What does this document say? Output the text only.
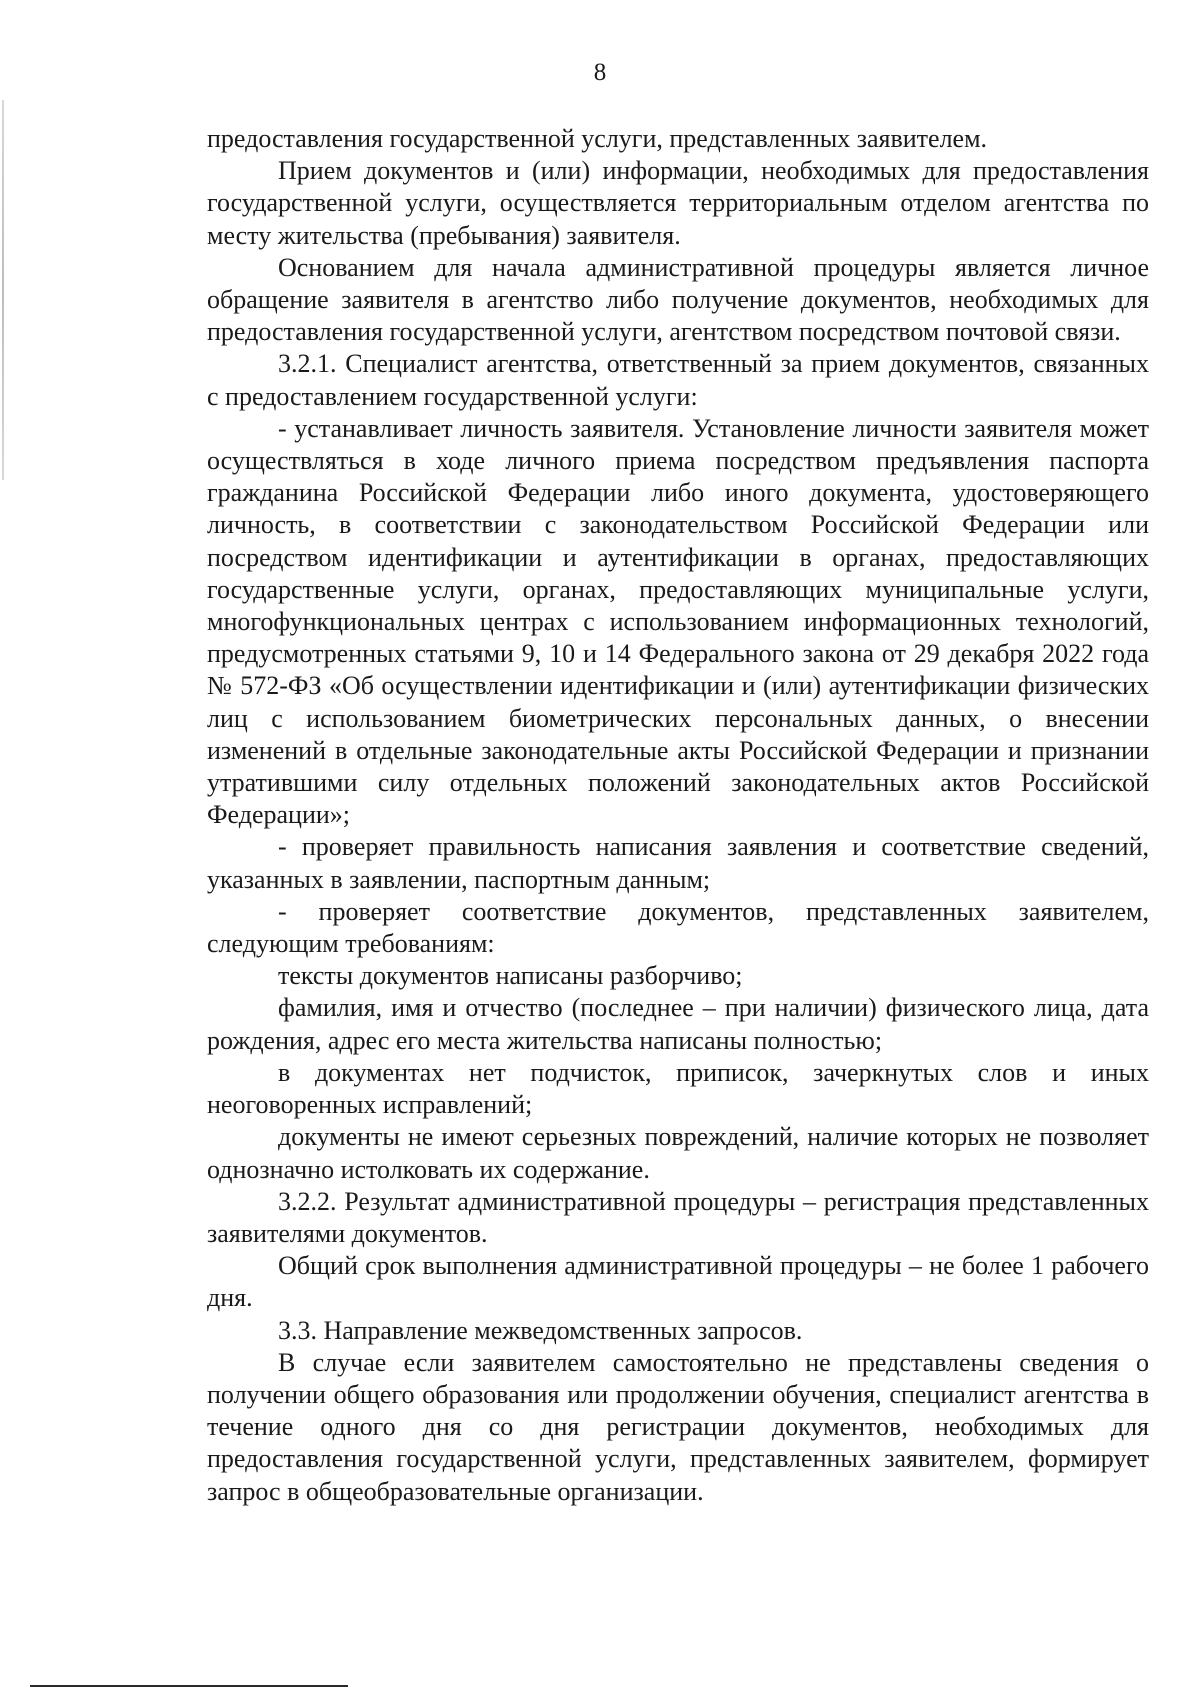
8

предоставления государственной услуги, представленных заявителем.

Прием документов и (или) информации, необходимых для предоставления государственной услуги, осуществляется территориальным отделом агентства по месту жительства (пребывания) заявителя.

Основанием для начала административной процедуры является личное обращение заявителя в агентство либо получение документов, необходимых для предоставления государственной услуги, агентством посредством почтовой связи.

3.2.1. Специалист агентства, ответственный за прием документов, связанных с предоставлением государственной услуги:

- устанавливает личность заявителя. Установление личности заявителя может осуществляться в ходе личного приема посредством предъявления паспорта гражданина Российской Федерации либо иного документа, удостоверяющего личность, в соответствии с законодательством Российской Федерации или посредством идентификации и аутентификации в органах, предоставляющих государственные услуги, органах, предоставляющих муниципальные услуги, многофункциональных центрах с использованием информационных технологий, предусмотренных статьями 9, 10 и 14 Федерального закона от 29 декабря 2022 года № 572-ФЗ «Об осуществлении идентификации и (или) аутентификации физических лиц с использованием биометрических персональных данных, о внесении изменений в отдельные законодательные акты Российской Федерации и признании утратившими силу отдельных положений законодательных актов Российской Федерации»;

- проверяет правильность написания заявления и соответствие сведений, указанных в заявлении, паспортным данным;

- проверяет соответствие документов, представленных заявителем, следующим требованиям:

тексты документов написаны разборчиво;

фамилия, имя и отчество (последнее – при наличии) физического лица, дата рождения, адрес его места жительства написаны полностью;

в документах нет подчисток, приписок, зачеркнутых слов и иных неоговоренных исправлений;

документы не имеют серьезных повреждений, наличие которых не позволяет однозначно истолковать их содержание.

3.2.2. Результат административной процедуры – регистрация представленных заявителями документов.

Общий срок выполнения административной процедуры – не более 1 рабочего дня.

3.3. Направление межведомственных запросов.

В случае если заявителем самостоятельно не представлены сведения о получении общего образования или продолжении обучения, специалист агентства в течение одного дня со дня регистрации документов, необходимых для предоставления государственной услуги, представленных заявителем, формирует запрос в общеобразовательные организации.
